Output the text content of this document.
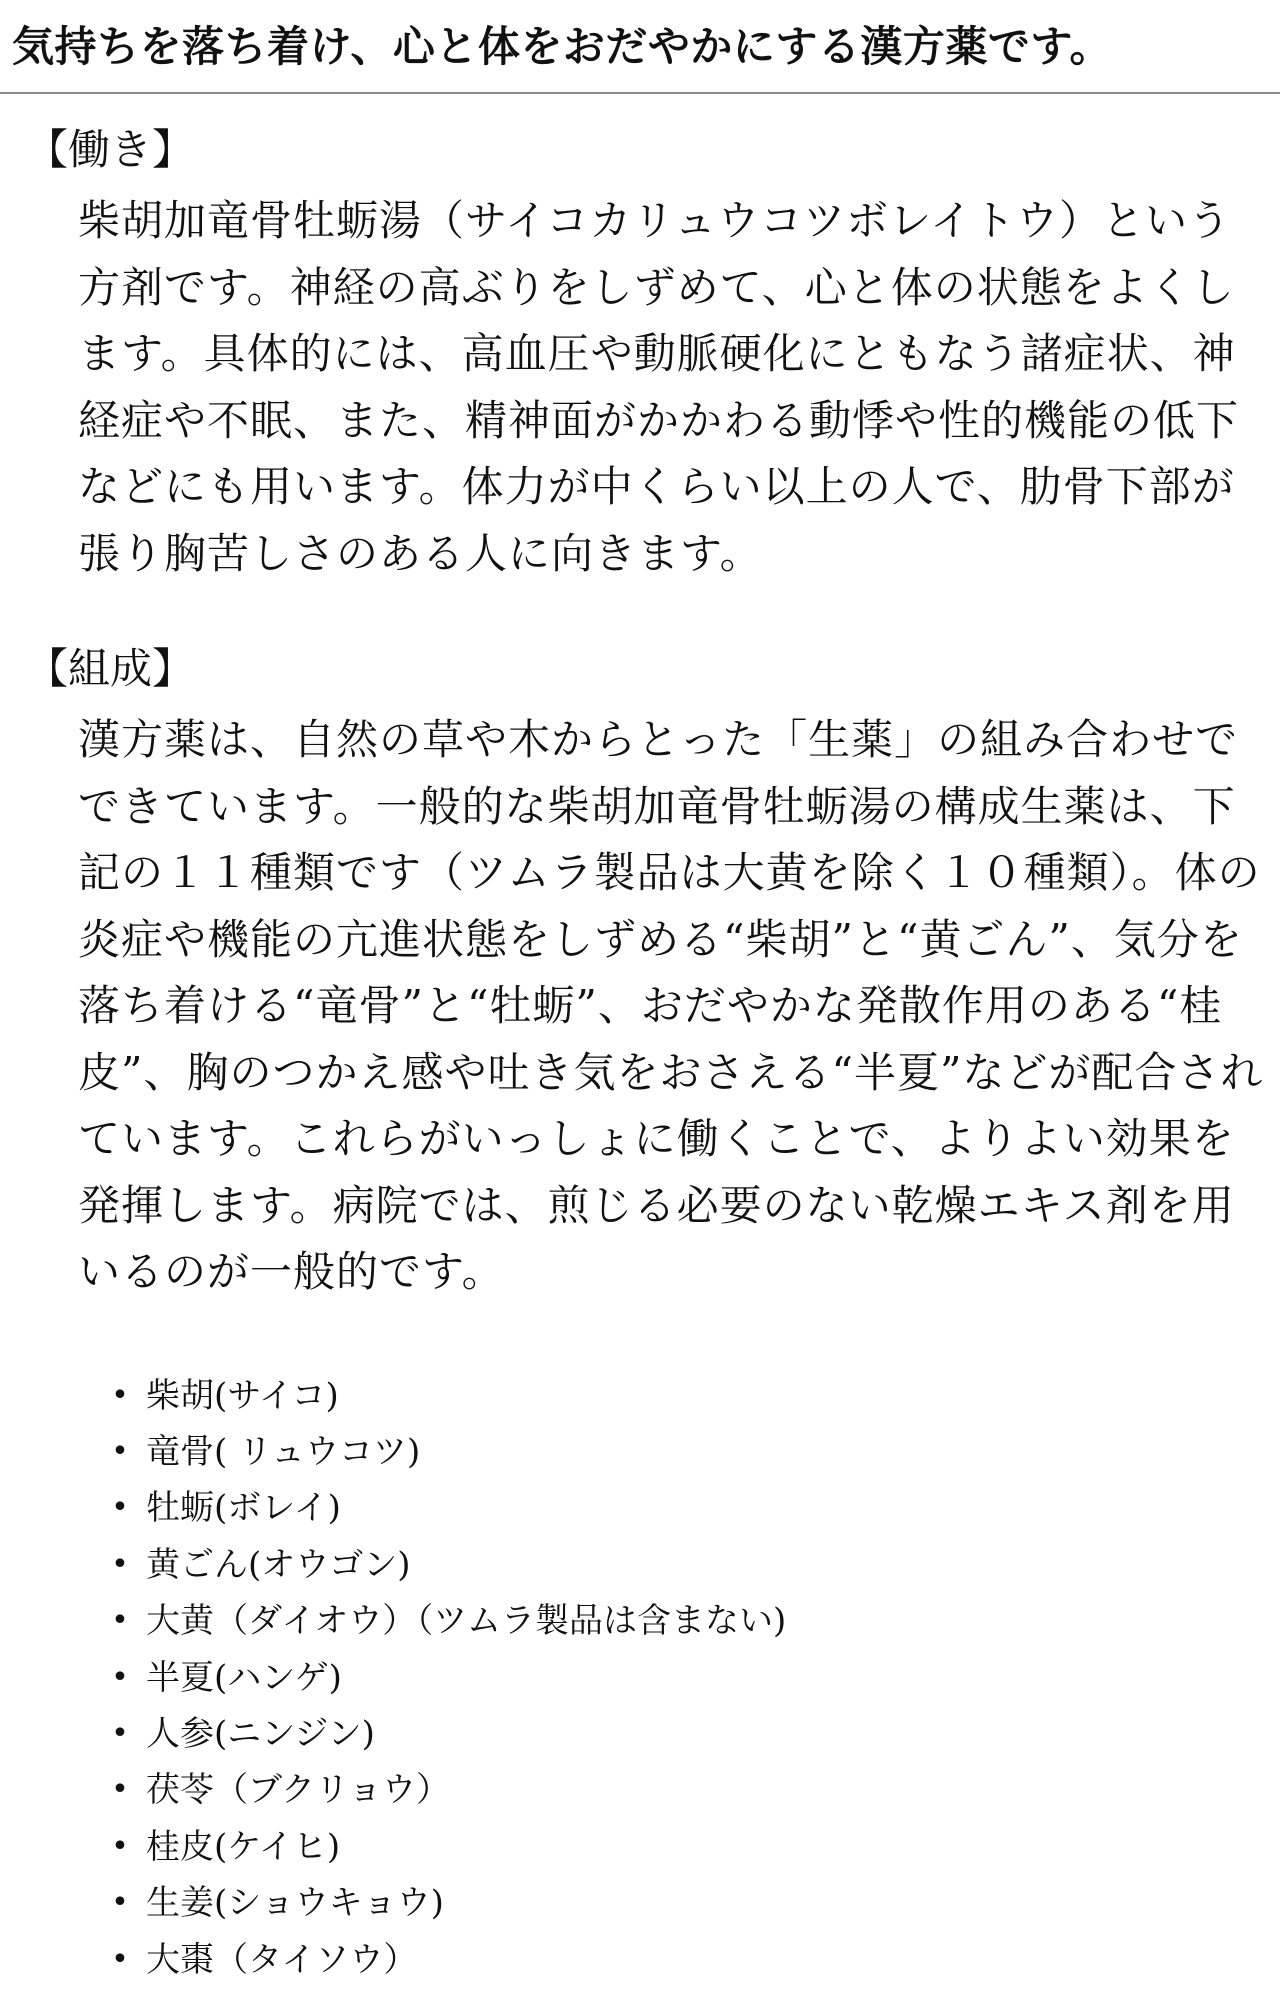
気持ちを落ち着け、心と体をおだやかにする漢方薬です。
【働き】

柴胡加竜骨牡蛎湯（サイコカリュウコツボレイトウ）という方剤です。神経の高ぶりをしずめて、心と体の状態をよくします。具体的には、高血圧や動脈硬化にともなう諸症状、神経症や不眠、また、精神面がかかわる動悸や性的機能の低下などにも用います。体力が中くらい以上の人で、肋骨下部が張り胸苦しさのある人に向きます。

【組成】

漢方薬は、自然の草や木からとった「生薬」の組み合わせでできています。一般的な柴胡加竜骨牡蛎湯の構成生薬は、下記の１１種類です（ツムラ製品は大黄を除く１０種類）。体の炎症や機能の亢進状態をしずめる“柴胡”と“黄ごん”、気分を落ち着ける“竜骨”と“牡蛎”、おだやかな発散作用のある“桂皮”、胸のつかえ感や吐き気をおさえる“半夏”などが配合されています。これらがいっしょに働くことで、よりよい効果を発揮します。病院では、煎じる必要のない乾燥エキス剤を用いるのが一般的です。

• 柴胡(サイコ)
• 竜骨( リュウコツ)
• 牡蛎(ボレイ)
• 黄ごん(オウゴン)
• 大黄（ダイオウ）（ツムラ製品は含まない)
• 半夏(ハンゲ)
• 人参(ニンジン)
• 茯苓（ブクリョウ）
• 桂皮(ケイヒ)
• 生姜(ショウキョウ)
• 大棗（タイソウ）
